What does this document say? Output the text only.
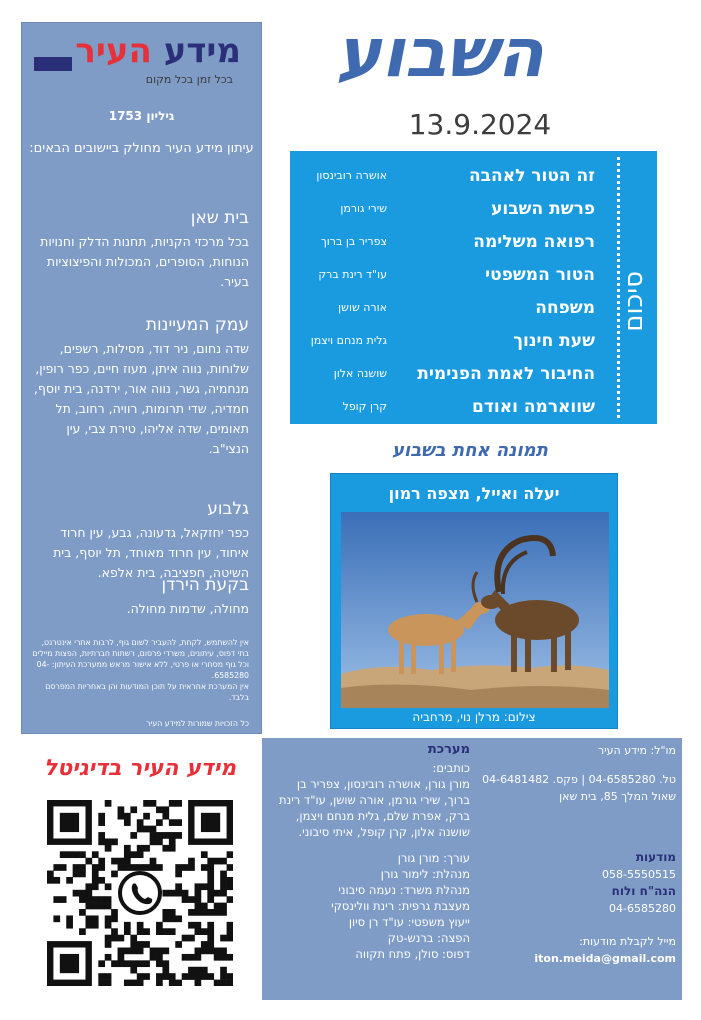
מידע העיר
בכל זמן בכל מקום
גיליון 1753
עיתון מידע העיר מחולק ביישובים הבאים:
בית שאן

בכל מרכזי הקניות, תחנות הדלק וחנויות הנוחות, הסופרים, המכולות והפיצוציות בעיר.

עמק המעיינות

שדה נחום, ניר דוד, מסילות, רשפים, שלוחות, נווה איתן, מעוז חיים, כפר רופין, מנחמיה, גשר, נווה אור, ירדנה, בית יוסף, חמדיה, שדי תרומות, רוויה, רחוב, תל תאומים, שדה אליהו, טירת צבי, עין הנצי"ב.

גלבוע

כפר יחזקאל, גדעונה, גבע, עין חרוד איחוד, עין חרוד מאוחד, תל יוסף, בית השיטה, חפציבה, בית אלפא.

בקעת הירדן

מחולה, שדמות מחולה.

אין להשתמש, לקחת, להעביר לשום גוף, לרבות אתרי אינטרנט, בתי דפוס, עיתונים, משרדי פרסום, רשתות חברתיות, הפצות מיילים וכל גוף מסחרי או פרטי, ללא אישור מראש ממערכת העיתון: 04-6585280.
אין המערכת אחראית על תוכן המודעות והן באחריות המפרסם בלבד.
כל הזכויות שמורות למידע העיר
השבוע
13.9.2024
סיכום
זה הטור לאהבה
אושרה רובינסון
פרשת השבוע
שירי גורמן
רפואה משלימה
צפריר בן ברוך
הטור המשפטי
עו"ד רינת ברק
משפחה
אורה שושן
שעת חינוך
גלית מנחם ויצמן
החיבור לאמת הפנימית
שושנה אלון
שווארמה ואודם
קרן קופל
תמונה אחת בשבוע
יעלה ואייל, מצפה רמון
צילום: מרלן נוי, מרחביה
מערכת
כותבים:
מורן גורן, אושרה רובינסון, צפריר בן ברוך, שירי גורמן, אורה שושן, עו"ד רינת ברק, אפרת שלם, גלית מנחם ויצמן, שושנה אלון, קרן קופל, איתי סיבוני.
עורך: מורן גורן
מנהלת: לימור גורן
מנהלת משרד: נעמה סיבוני
מעצבת גרפית: רינת וולינסקי
ייעוץ משפטי: עו"ד רן סיון
הפצה: ברנש-טק
דפוס: סולן, פתח תקווה
מו"ל: מידע העיר
טל. 04-6585280 | פקס. 04-6481482
שאול המלך 85, בית שאן
מודעות
058-5550515
הנה"ח ולוח
04-6585280
מייל לקבלת מודעות:
iton.meida@gmail.com
מידע העיר בדיגיטל
